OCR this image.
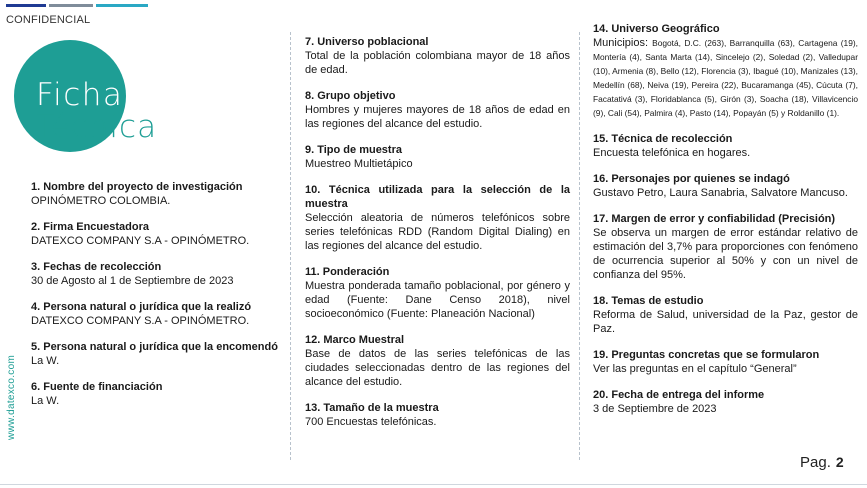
CONFIDENCIAL
Ficha
Técnica
www.datexco.com
1. Nombre del proyecto de investigación

OPINÓMETRO COLOMBIA.

2. Firma Encuestadora

DATEXCO COMPANY S.A - OPINÓMETRO.

3. Fechas de recolección

30 de Agosto al 1 de Septiembre de 2023

4. Persona natural o jurídica que la realizó

DATEXCO COMPANY S.A - OPINÓMETRO.

5. Persona natural o jurídica que la encomendó

La W.

6. Fuente de financiación

La W.

7. Universo poblacional

Total de la población colombiana mayor de 18 años de edad.

8. Grupo objetivo

Hombres y mujeres mayores de 18 años de edad en las regiones del alcance del estudio.

9. Tipo de muestra

Muestreo Multietápico

10. Técnica utilizada para la selección de la muestra

Selección aleatoria de números telefónicos sobre series telefónicas RDD (Random Digital Dialing) en las regiones del alcance del estudio.

11. Ponderación

Muestra ponderada tamaño poblacional, por género y edad (Fuente: Dane Censo 2018), nivel socioeconómico (Fuente: Planeación Nacional)

12. Marco Muestral

Base de datos de las series telefónicas de las ciudades seleccionadas dentro de las regiones del alcance del estudio.

13. Tamaño de la muestra

700 Encuestas telefónicas.

14. Universo Geográfico

Municipios: Bogotá, D.C. (263), Barranquilla (63), Cartagena (19), Montería (4), Santa Marta (14), Sincelejo (2), Soledad (2), Valledupar (10), Armenia (8), Bello (12), Florencia (3), Ibagué (10), Manizales (13), Medellín (68), Neiva (19), Pereira (22), Bucaramanga (45), Cúcuta (7), Facatativá (3), Floridablanca (5), Girón (3), Soacha (18), Villavicencio (9), Cali (54), Palmira (4), Pasto (14), Popayán (5) y Roldanillo (1).

15. Técnica de recolección

Encuesta telefónica en hogares.

16. Personajes por quienes se indagó

Gustavo Petro, Laura Sanabria, Salvatore Mancuso.

17. Margen de error y confiabilidad (Precisión)

Se observa un margen de error estándar relativo de estimación del 3,7% para proporciones con fenómeno de ocurrencia superior al 50% y con un nivel de confianza del 95%.

18. Temas de estudio

Reforma de Salud, universidad de la Paz, gestor de Paz.

19. Preguntas concretas que se formularon

Ver las preguntas en el capítulo “General”

20. Fecha de entrega del informe

3 de Septiembre de 2023

Pag. 2
